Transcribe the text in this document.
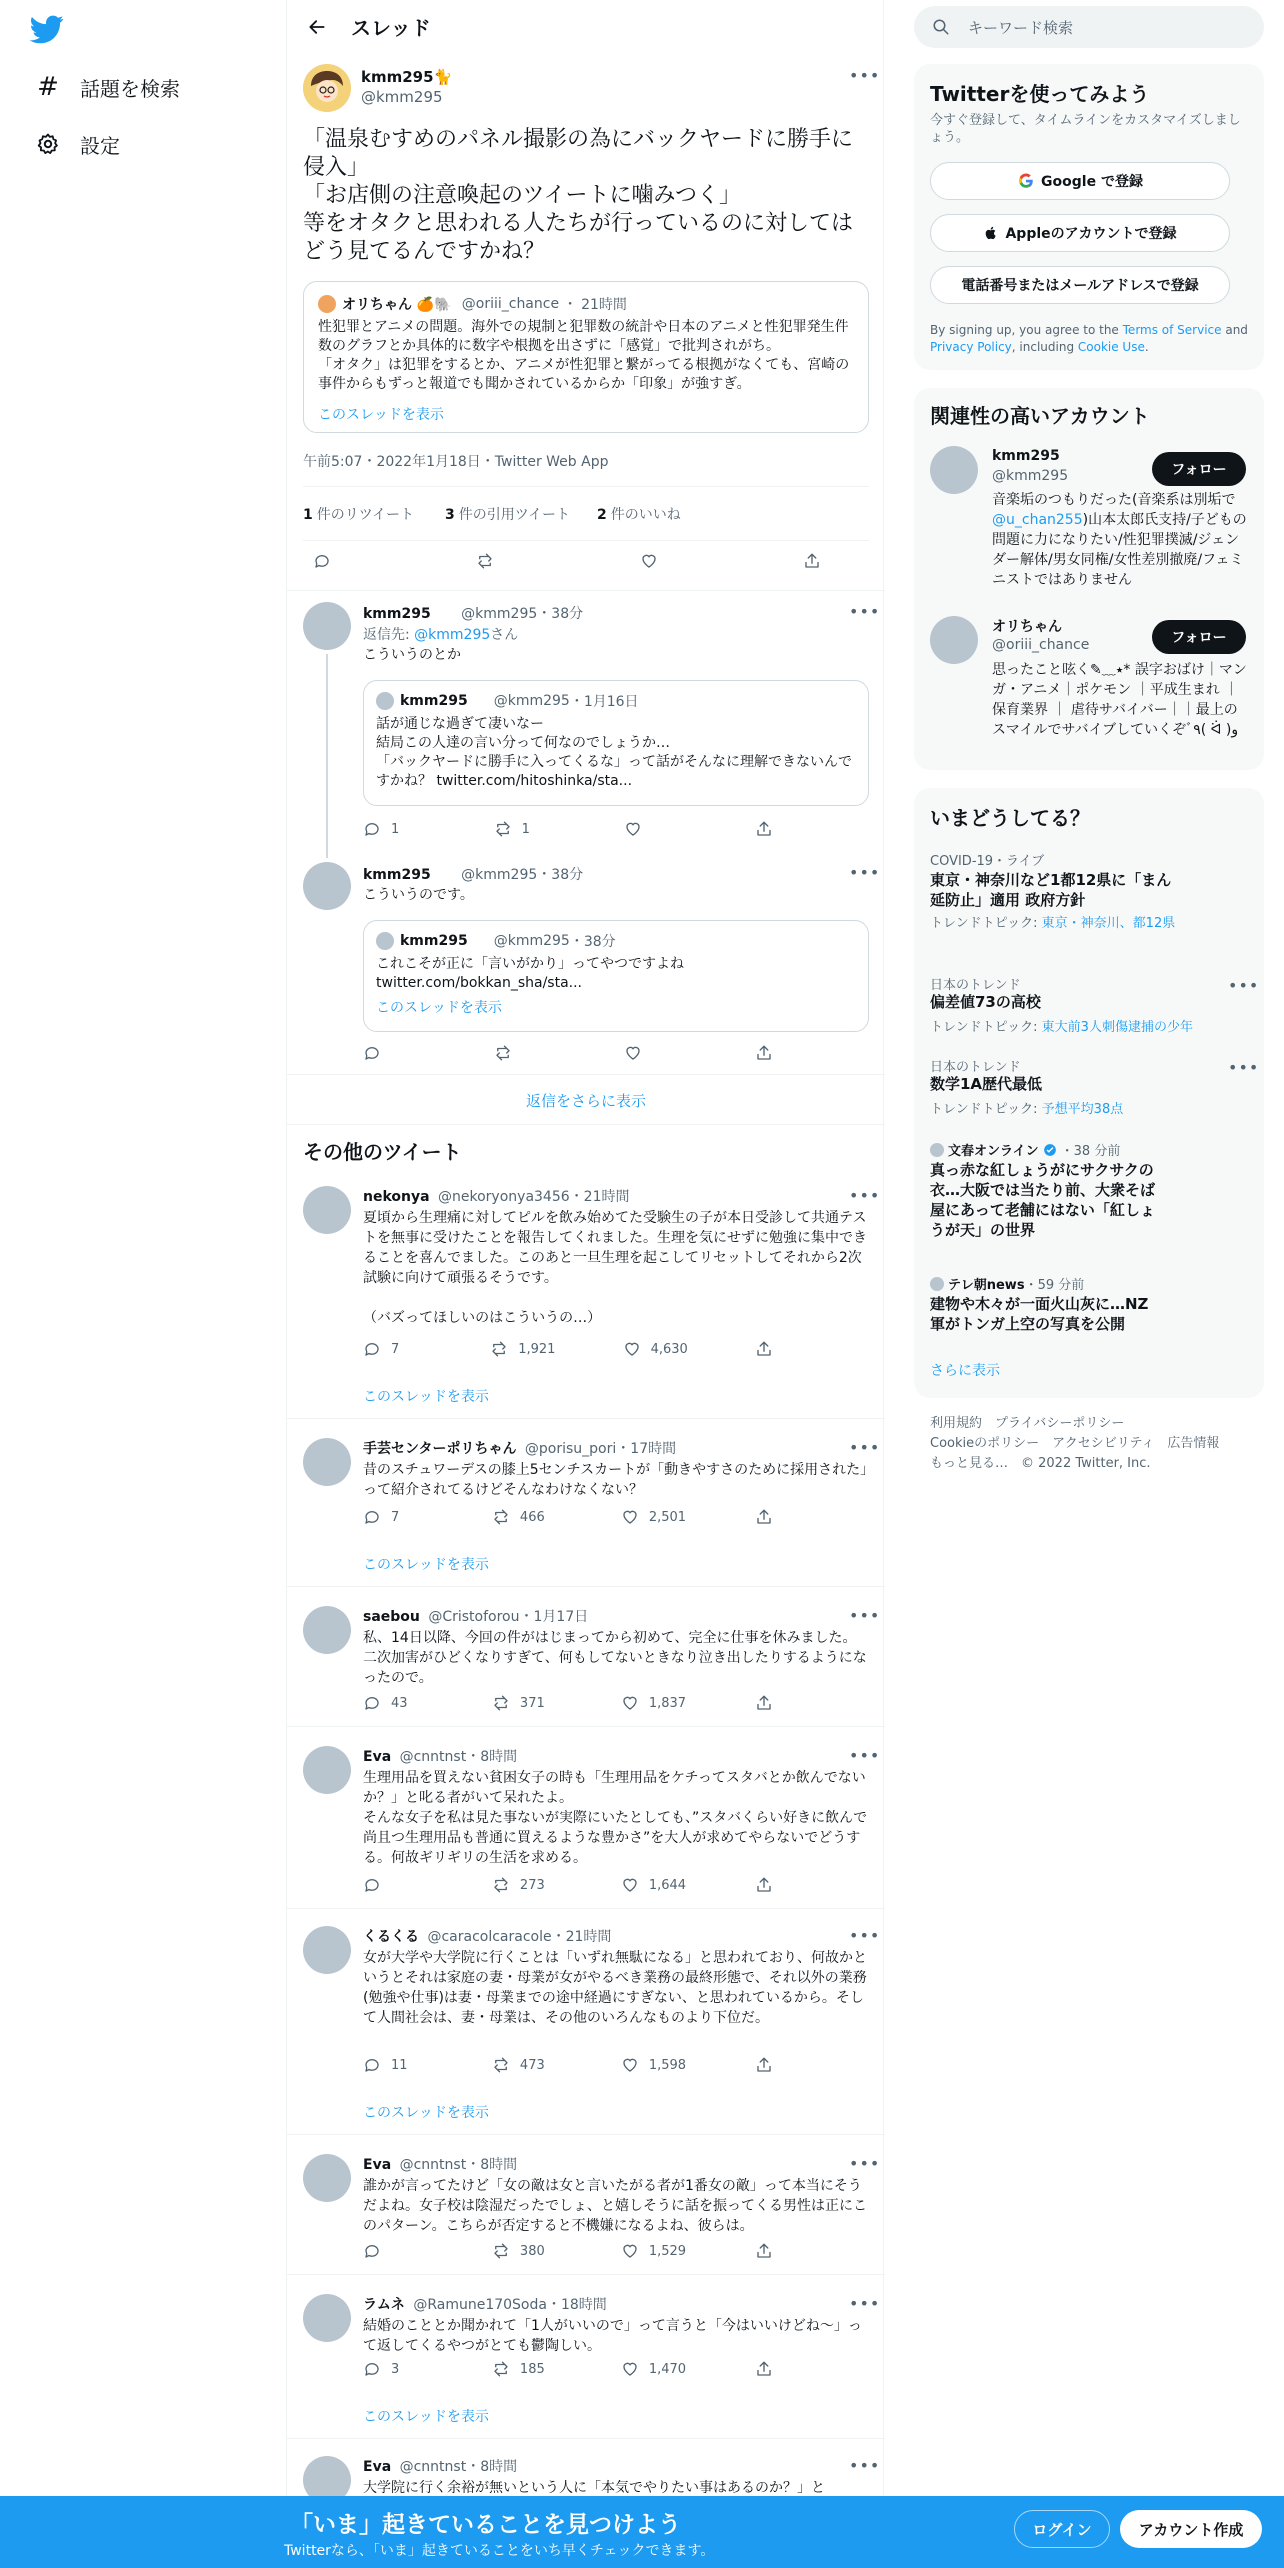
# 話題を検索
設定
スレッド
kmm295🐈
@kmm295
•••
「温泉むすめのパネル撮影の為にバックヤードに勝手に侵入」
「お店側の注意喚起のツイートに噛みつく」
等をオタクと思われる人たちが行っているのに対してはどう見てるんですかね？
オリちゃん 🍊🐘 @oriii_chance ・ 21時間
性犯罪とアニメの問題。海外での規制と犯罪数の統計や日本のアニメと性犯罪発生件数のグラフとか具体的に数字や根拠を出さずに「感覚」で批判されがち。
「オタク」は犯罪をするとか、アニメが性犯罪と繋がってる根拠がなくても、宮崎の事件からもずっと報道でも聞かされているからか「印象」が強すぎ。
このスレッドを表示
午前5:07・2022年1月18日・Twitter Web App
1 件のリツイート 3 件の引用ツイート 2 件のいいね
kmm295 @kmm295・38分	•••
返信先: @kmm295さん
こういうのとか
kmm295 @kmm295 ・ 1月16日
話が通じな過ぎて凄いなー
結局この人達の言い分って何なのでしょうか…
「バックヤードに勝手に入ってくるな」って話がそんなに理解できないんですかね？ twitter.com/hitoshinka/sta...
1	1
kmm295 @kmm295・38分	•••
こういうのです。
kmm295 @kmm295 ・ 38分
これこそが正に「言いがかり」ってやつですよね
twitter.com/bokkan_sha/sta...
このスレッドを表示
返信をさらに表示
その他のツイート
nekonya @nekoryonya3456・21時間	•••
夏頃から生理痛に対してピルを飲み始めてた受験生の子が本日受診して共通テストを無事に受けたことを報告してくれました。生理を気にせずに勉強に集中できることを喜んでました。このあと一旦生理を起こしてリセットしてそれから2次試験に向けて頑張るそうです。

（バズってほしいのはこういうの…）
7	1,921	4,630
このスレッドを表示
手芸センターポリちゃん @porisu_pori・17時間	•••
昔のスチュワーデスの膝上5センチスカートが「動きやすさのために採用された」って紹介されてるけどそんなわけなくない？
7	466	2,501
このスレッドを表示
saebou @Cristoforou・1月17日	•••
私、14日以降、今回の件がはじまってから初めて、完全に仕事を休みました。二次加害がひどくなりすぎて、何もしてないときなり泣き出したりするようになったので。
43	371	1,837
Eva @cnntnst・8時間	•••
生理用品を買えない貧困女子の時も「生理用品をケチってスタバとか飲んでないか？」と叱る者がいて呆れたよ。
そんな女子を私は見た事ないが実際にいたとしても、”スタバくらい好きに飲んで尚且つ生理用品も普通に買えるような豊かさ”を大人が求めてやらないでどうする。何故ギリギリの生活を求める。
273	1,644
くるくる @caracolcaracole・21時間	•••
女が大学や大学院に行くことは「いずれ無駄になる」と思われており、何故かというとそれは家庭の妻・母業が女がやるべき業務の最終形態で、それ以外の業務(勉強や仕事)は妻・母業までの途中経過にすぎない、と思われているから。そして人間社会は、妻・母業は、その他のいろんなものより下位だ。
11	473	1,598
このスレッドを表示
Eva @cnntnst・8時間	•••
誰かが言ってたけど「女の敵は女と言いたがる者が1番女の敵」って本当にそうだよね。女子校は陰湿だったでしょ、と嬉しそうに話を振ってくる男性は正にこのパターン。こちらが否定すると不機嫌になるよね、彼らは。
380	1,529
ラムネ @Ramune170Soda・18時間	•••
結婚のこととか聞かれて「1人がいいので」って言うと「今はいいけどね〜」って返してくるやつがとても鬱陶しい。
3	185	1,470
このスレッドを表示
Eva @cnntnst・8時間	•••
大学院に行く余裕が無いという人に「本気でやりたい事はあるのか？」と
キーワード検索
Twitterを使ってみよう
今すぐ登録して、タイムラインをカスタマイズしましょう。
Google で登録
Appleのアカウントで登録
電話番号またはメールアドレスで登録
By signing up, you agree to the Terms of Service and Privacy Policy, including Cookie Use.
関連性の高いアカウント
kmm295
@kmm295	フォロー
音楽垢のつもりだった(音楽系は別垢で@u_chan255)山本太郎氏支持/子どもの問題に力になりたい/性犯罪撲滅/ジェンダー解体/男女同権/女性差別撤廃/フェミニストではありません
オリちゃん
@oriii_chance	フォロー
思ったこと呟く✎﹏٭* 誤字おばけ｜マンガ・アニメ｜ポケモン ｜平成生まれ ｜保育業界 ｜ 虐待サバイバー｜｜最上のスマイルでサバイブしていくぞﾞ٩( ᐛ )و
いまどうしてる？
COVID-19・ライブ
東京・神奈川など1都12県に「まん延防止」適用 政府方針
トレンドトピック: 東京・神奈川、都12県
日本のトレンド
偏差値73の高校
トレンドトピック: 東大前3人刺傷逮捕の少年
•••
日本のトレンド
数学1A歴代最低
トレンドトピック: 予想平均38点
•••
文春オンライン ・ 38 分前
真っ赤な紅しょうがにサクサクの衣…大阪では当たり前、大衆そば屋にあって老舗にはない「紅しょうが天」の世界
テレ朝news ・ 59 分前
建物や木々が一面火山灰に…NZ軍がトンガ上空の写真を公開
さらに表示
利用規約　プライバシーポリシー
Cookieのポリシー　アクセシビリティ　広告情報
もっと見る…　© 2022 Twitter, Inc.
「いま」起きていることを見つけよう
Twitterなら、「いま」起きていることをいち早くチェックできます。
ログイン	アカウント作成
